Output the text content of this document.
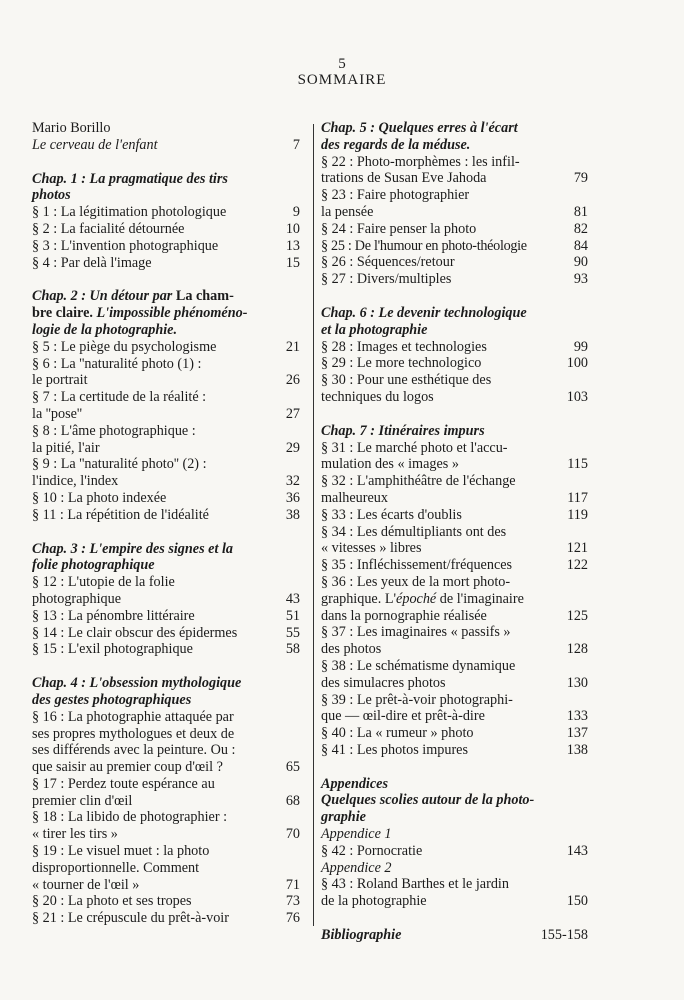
5
SOMMAIRE
Mario Borillo
Le cerveau de l'enfant	7
Chap. 1 : La pragmatique des tirs
photos
§ 1 : La légitimation photologique	9
§ 2 : La facialité détournée	10
§ 3 : L'invention photographique	13
§ 4 : Par delà l'image	15
Chap. 2 : Un détour par La cham-
bre claire. L'impossible phénoméno-
logie de la photographie.
§ 5 : Le piège du psychologisme	21
§ 6 : La ''naturalité photo (1) :
le portrait	26
§ 7 : La certitude de la réalité :
la ''pose''	27
§ 8 : L'âme photographique :
la pitié, l'air	29
§ 9 : La ''naturalité photo'' (2) :
l'indice, l'index	32
§ 10 : La photo indexée	36
§ 11 : La répétition de l'idéalité	38
Chap. 3 : L'empire des signes et la
folie photographique
§ 12 : L'utopie de la folie
photographique	43
§ 13 : La pénombre littéraire	51
§ 14 : Le clair obscur des épidermes	55
§ 15 : L'exil photographique	58
Chap. 4 : L'obsession mythologique
des gestes photographiques
§ 16 : La photographie attaquée par
ses propres mythologues et deux de
ses différends avec la peinture. Ou :
que saisir au premier coup d'œil ?	65
§ 17 : Perdez toute espérance au
premier clin d'œil	68
§ 18 : La libido de photographier :
« tirer les tirs »	70
§ 19 : Le visuel muet : la photo
disproportionnelle. Comment
« tourner de l'œil »	71
§ 20 : La photo et ses tropes	73
§ 21 : Le crépuscule du prêt-à-voir	76
Chap. 5 : Quelques erres à l'écart
des regards de la méduse.
§ 22 : Photo-morphèmes : les infil-
trations de Susan Eve Jahoda	79
§ 23 : Faire photographier
la pensée	81
§ 24 : Faire penser la photo	82
§ 25 : De l'humour en photo-théologie	84
§ 26 : Séquences/retour	90
§ 27 : Divers/multiples	93
Chap. 6 : Le devenir technologique
et la photographie
§ 28 : Images et technologies	99
§ 29 : Le more technologico	100
§ 30 : Pour une esthétique des
techniques du logos	103
Chap. 7 : Itinéraires impurs
§ 31 : Le marché photo et l'accu-
mulation des « images »	115
§ 32 : L'amphithéâtre de l'échange
malheureux	117
§ 33 : Les écarts d'oublis	119
§ 34 : Les démultipliants ont des
« vitesses » libres	121
§ 35 : Infléchissement/fréquences	122
§ 36 : Les yeux de la mort photo-
graphique. L'époché de l'imaginaire
dans la pornographie réalisée	125
§ 37 : Les imaginaires « passifs »
des photos	128
§ 38 : Le schématisme dynamique
des simulacres photos	130
§ 39 : Le prêt-à-voir photographi-
que — œil-dire et prêt-à-dire	133
§ 40 : La « rumeur » photo	137
§ 41 : Les photos impures	138
Appendices
Quelques scolies autour de la photo-
graphie
Appendice 1
§ 42 : Pornocratie	143
Appendice 2
§ 43 : Roland Barthes et le jardin
de la photographie	150
Bibliographie	155-158
